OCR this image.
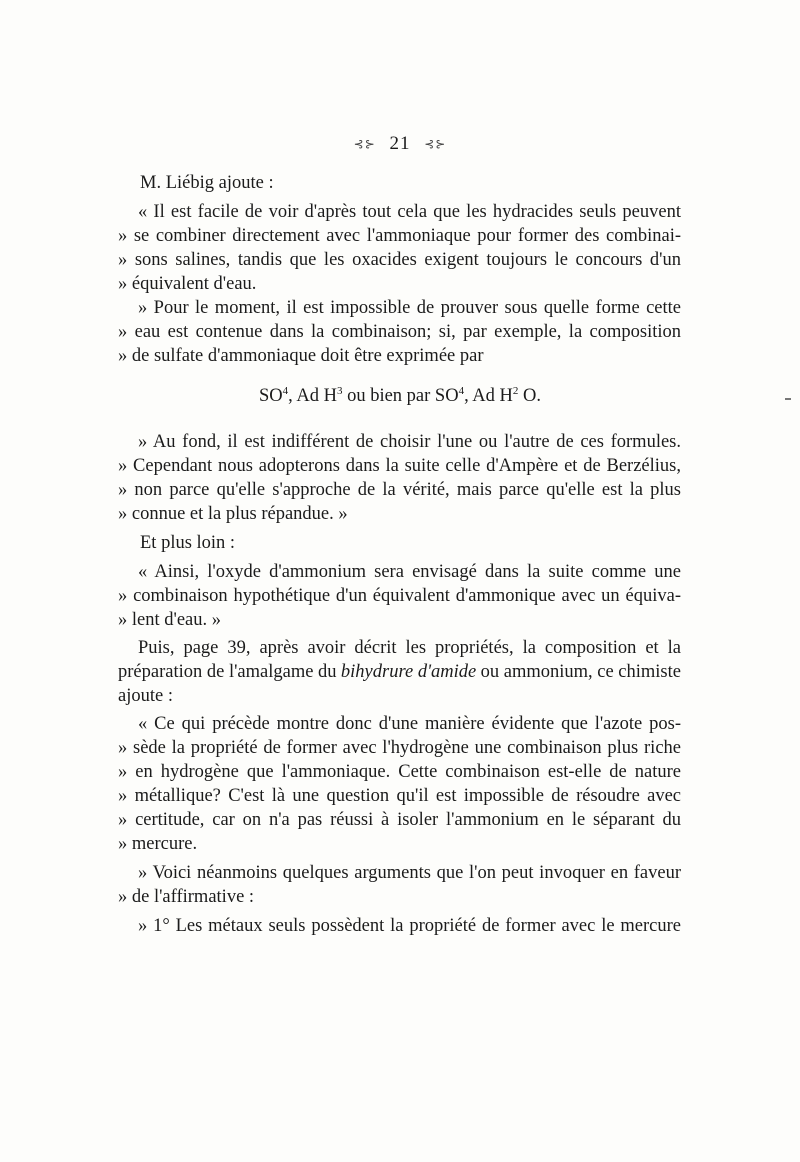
⊰⊱ 21 ⊰⊱
M. Liébig ajoute :
« Il est facile de voir d'après tout cela que les hydracides seuls peuvent
» se combiner directement avec l'ammoniaque pour former des combinai-
» sons salines, tandis que les oxacides exigent toujours le concours d'un
» équivalent d'eau.
» Pour le moment, il est impossible de prouver sous quelle forme cette
» eau est contenue dans la combinaison; si, par exemple, la composition
» de sulfate d'ammoniaque doit être exprimée par
$SO^4$, Ad $H^3$ ou bien par $SO^4$, Ad $H^2$ O.
» Au fond, il est indifférent de choisir l'une ou l'autre de ces formules.
» Cependant nous adopterons dans la suite celle d'Ampère et de Berzélius,
» non parce qu'elle s'approche de la vérité, mais parce qu'elle est la plus
» connue et la plus répandue. »
Et plus loin :
« Ainsi, l'oxyde d'ammonium sera envisagé dans la suite comme une
» combinaison hypothétique d'un équivalent d'ammonique avec un équiva-
» lent d'eau. »
Puis, page 39, après avoir décrit les propriétés, la composition et la
préparation de l'amalgame du bihydrure d'amide ou ammonium, ce chimiste
ajoute :
« Ce qui précède montre donc d'une manière évidente que l'azote pos-
» sède la propriété de former avec l'hydrogène une combinaison plus riche
» en hydrogène que l'ammoniaque. Cette combinaison est-elle de nature
» métallique? C'est là une question qu'il est impossible de résoudre avec
» certitude, car on n'a pas réussi à isoler l'ammonium en le séparant du
» mercure.
» Voici néanmoins quelques arguments que l'on peut invoquer en faveur
» de l'affirmative :
» 1° Les métaux seuls possèdent la propriété de former avec le mercure
